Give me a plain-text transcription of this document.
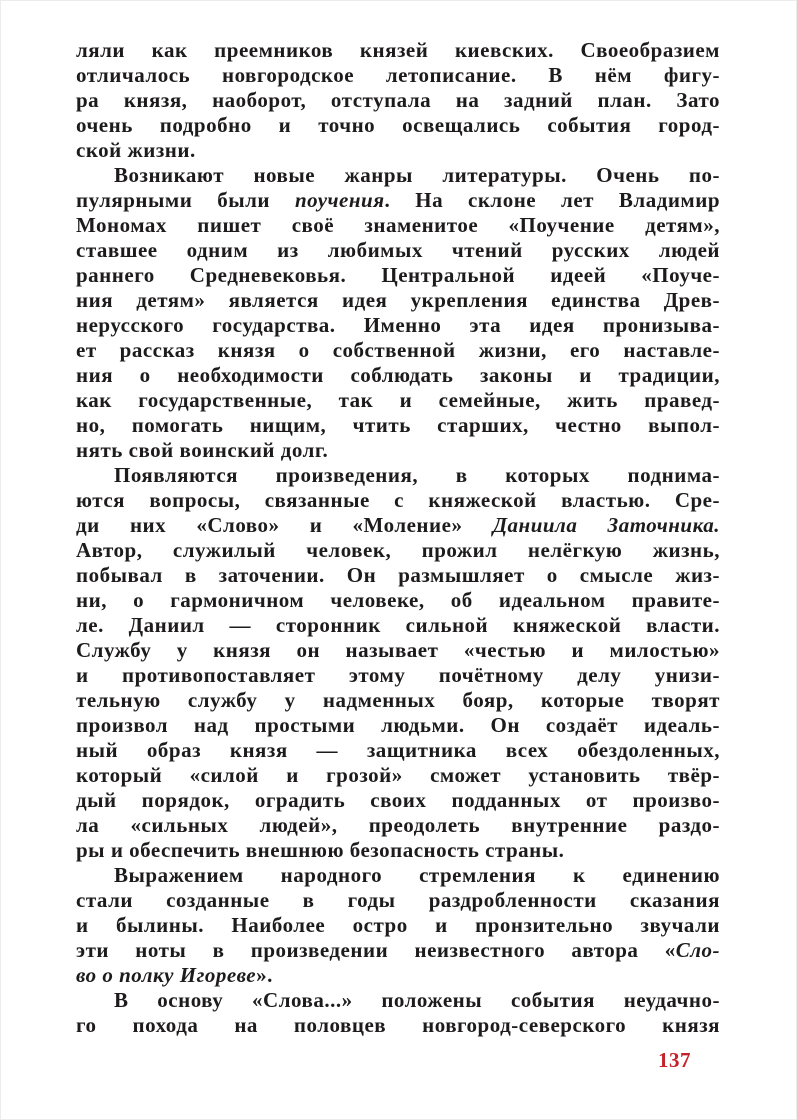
ляли как преемников князей киевских. Своеобразием
отличалось новгородское летописание. В нём фигу-
ра князя, наоборот, отступала на задний план. Зато
очень подробно и точно освещались события город-
ской жизни.
Возникают новые жанры литературы. Очень по-
пулярными были поучения. На склоне лет Владимир
Мономах пишет своё знаменитое «Поучение детям»,
ставшее одним из любимых чтений русских людей
раннего Средневековья. Центральной идеей «Поуче-
ния детям» является идея укрепления единства Древ-
нерусского государства. Именно эта идея пронизыва-
ет рассказ князя о собственной жизни, его наставле-
ния о необходимости соблюдать законы и традиции,
как государственные, так и семейные, жить правед-
но, помогать нищим, чтить старших, честно выпол-
нять свой воинский долг.
Появляются произведения, в которых поднима-
ются вопросы, связанные с княжеской властью. Сре-
ди них «Слово» и «Моление» Даниила Заточника.
Автор, служилый человек, прожил нелёгкую жизнь,
побывал в заточении. Он размышляет о смысле жиз-
ни, о гармоничном человеке, об идеальном правите-
ле. Даниил — сторонник сильной княжеской власти.
Службу у князя он называет «честью и милостью»
и противопоставляет этому почётному делу унизи-
тельную службу у надменных бояр, которые творят
произвол над простыми людьми. Он создаёт идеаль-
ный образ князя — защитника всех обездоленных,
который «силой и грозой» сможет установить твёр-
дый порядок, оградить своих подданных от произво-
ла «сильных людей», преодолеть внутренние раздо-
ры и обеспечить внешнюю безопасность страны.
Выражением народного стремления к единению
стали созданные в годы раздробленности сказания
и былины. Наиболее остро и пронзительно звучали
эти ноты в произведении неизвестного автора «Сло-
во о полку Игореве».
В основу «Слова...» положены события неудачно-
го похода на половцев новгород-северского князя
137
